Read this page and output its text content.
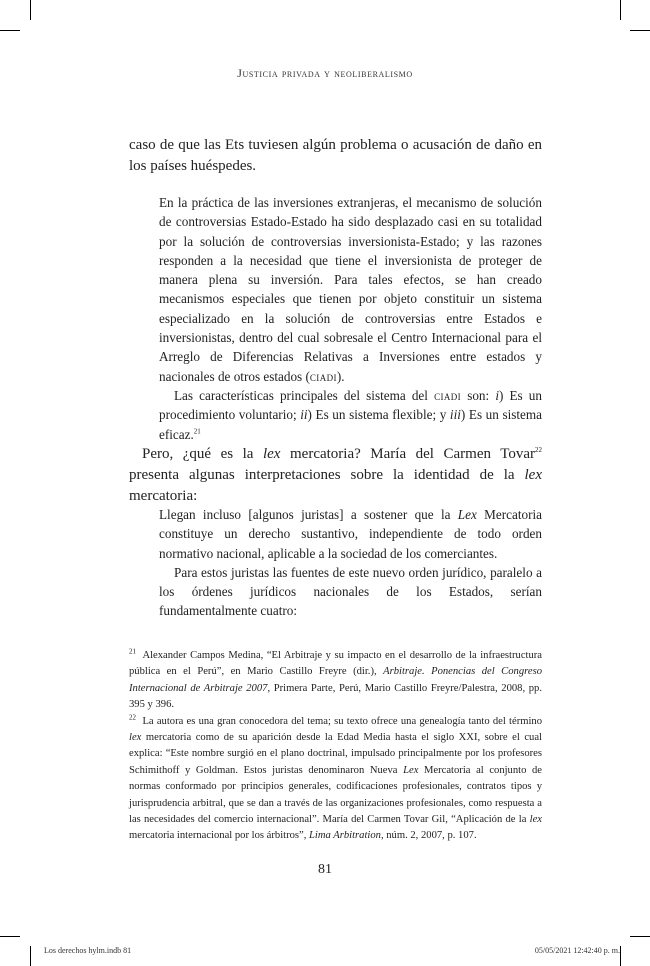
Justicia privada y neoliberalismo
caso de que las Ets tuviesen algún problema o acusación de daño en los países huéspedes.

En la práctica de las inversiones extranjeras, el mecanismo de solución de controversias Estado-Estado ha sido desplazado casi en su totalidad por la solución de controversias inversionista-Estado; y las razones responden a la necesidad que tiene el inversionista de proteger de manera plena su inversión. Para tales efectos, se han creado mecanismos especiales que tienen por objeto constituir un sistema especializado en la solución de controversias entre Estados e inversionistas, dentro del cual sobresale el Centro Internacional para el Arreglo de Diferencias Relativas a Inversiones entre estados y nacionales de otros estados (ciadi).

Las características principales del sistema del ciadi son: i) Es un procedimiento voluntario; ii) Es un sistema flexible; y iii) Es un sistema eficaz.$^{21}$

Pero, ¿qué es la lex mercatoria? María del Carmen Tovar$^{22}$ presenta algunas interpretaciones sobre la identidad de la lex mercatoria:

Llegan incluso [algunos juristas] a sostener que la Lex Mercatoria constituye un derecho sustantivo, independiente de todo orden normativo nacional, aplicable a la sociedad de los comerciantes.

Para estos juristas las fuentes de este nuevo orden jurídico, paralelo a los órdenes jurídicos nacionales de los Estados, serían fundamentalmente cuatro:

$^{21}$ Alexander Campos Medina, “El Arbitraje y su impacto en el desarrollo de la infraestructura pública en el Perú”, en Mario Castillo Freyre (dir.), Arbitraje. Ponencias del Congreso Internacional de Arbitraje 2007, Primera Parte, Perú, Mario Castillo Freyre/Palestra, 2008, pp. 395 y 396.

$^{22}$ La autora es una gran conocedora del tema; su texto ofrece una genealogía tanto del término lex mercatoria como de su aparición desde la Edad Media hasta el siglo XXI, sobre el cual explica: “Este nombre surgió en el plano doctrinal, impulsado principalmente por los profesores Schimithoff y Goldman. Estos juristas denominaron Nueva Lex Mercatoria al conjunto de normas conformado por principios generales, codificaciones profesionales, contratos tipos y jurisprudencia arbitral, que se dan a través de las organizaciones profesionales, como respuesta a las necesidades del comercio internacional”. María del Carmen Tovar Gil, “Aplicación de la lex mercatoria internacional por los árbitros”, Lima Arbitration, núm. 2, 2007, p. 107.

81
Los derechos hylm.indb 81	05/05/2021 12:42:40 p. m.
